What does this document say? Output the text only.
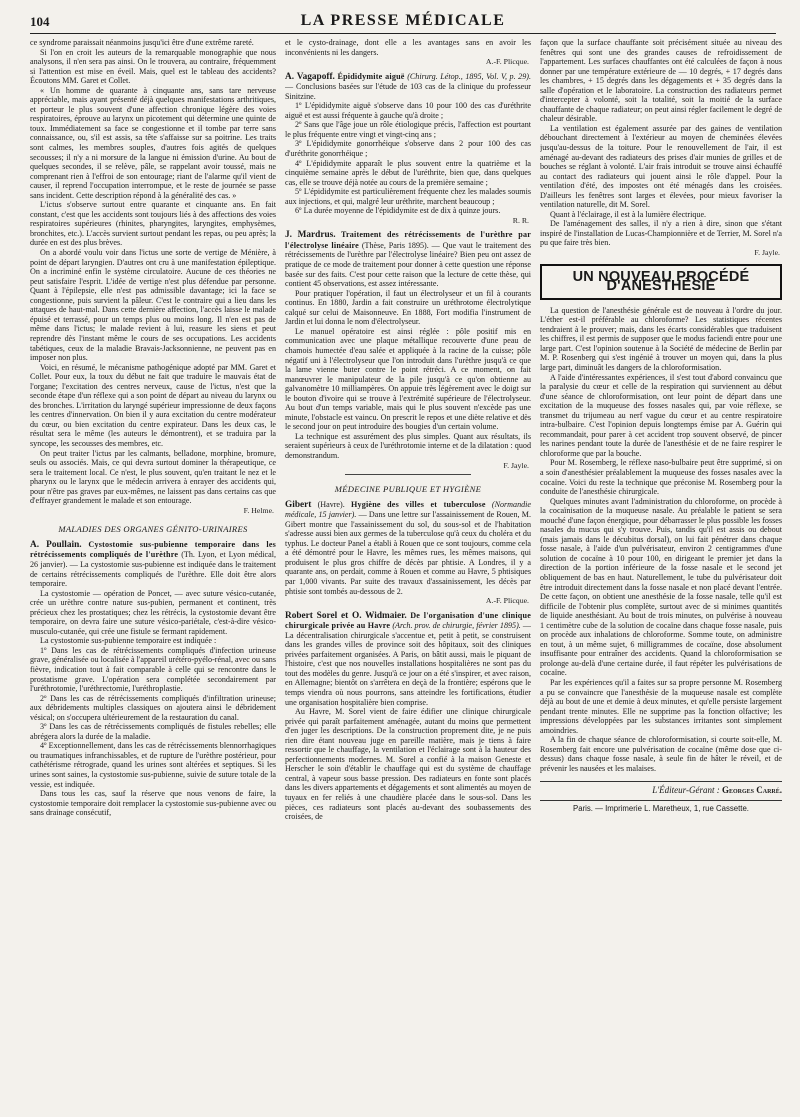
104	LA PRESSE MÉDICALE

ce syndrome paraissait néanmoins jusqu'ici être d'une extrême rareté.

Si l'on en croit les auteurs de la remarquable monographie que nous analysons, il n'en sera pas ainsi. On le trouvera, au contraire, fréquemment si l'attention est mise en éveil. Mais, quel est le tableau des accidents? Écoutons MM. Garet et Collet.

« Un homme de quarante à cinquante ans, sans tare nerveuse appréciable, mais ayant présenté déjà quelques manifestations arthritiques, et porteur le plus souvent d'une affection chronique légère des voies respiratoires, éprouve au larynx un picotement qui détermine une quinte de toux. Immédiatement sa face se congestionne et il tombe par terre sans connaissance, ou, s'il est assis, sa tête s'affaisse sur sa poitrine. Les traits sont calmes, les membres souples, d'autres fois agités de quelques secousses; il n'y a ni morsure de la langue ni émission d'urine. Au bout de quelques secondes, il se relève, pâle, se rappelant avoir toussé, mais ne comprenant rien à l'effroi de son entourage; riant de l'alarme qu'il vient de causer, il reprend l'occupation interrompue, et le reste de journée se passe sans incident. Cette description répond à la généralité des cas. »

L'ictus s'observe surtout entre quarante et cinquante ans. En fait constant, c'est que les accidents sont toujours liés à des affections des voies respiratoires supérieures (rhinites, pharyngites, laryngites, emphysèmes, bronchites, etc.). L'accès survient surtout pendant les repas, ou peu après; la durée en est des plus brèves.

On a abordé voulu voir dans l'ictus une sorte de vertige de Ménière, à point de départ laryngien. D'autres ont cru à une manifestation épileptique. On a incriminé enfin le système circulatoire. Aucune de ces théories ne peut satisfaire l'esprit. L'idée de vertige n'est plus défendue par personne. Quant à l'épilepsie, elle n'est pas admissible davantage; ici la face se congestionne, puis survient la pâleur. C'est le contraire qui a lieu dans les attaques de haut-mal. Dans cette dernière affection, l'accès laisse le malade épuisé et terrassé, pour un temps plus ou moins long. Il n'en est pas de même dans l'ictus; le malade revient à lui, reasure les siens et peut reprendre dès l'instant même le cours de ses occupations. Les accidents tabétiques, ceux de la maladie Bravais-Jacksonnienne, ne peuvent pas en imposer non plus.

Voici, en résumé, le mécanisme pathogénique adopté par MM. Garet et Collet. Pour eux, la toux du début ne fait que traduire le mauvais état de l'organe; l'excitation des centres nerveux, cause de l'ictus, n'est que la seconde étape d'un réflexe qui a son point de départ au niveau du larynx ou des bronches. L'irritation du laryngé supérieur impressionne de deux façons les centres d'innervation. On bien il y aura excitation du centre modérateur du cœur, ou bien excitation du centre expirateur. Dans les deux cas, le résultat sera le même (les auteurs le démontrent), et se traduira par la syncope, les secousses des membres, etc.

On peut traiter l'ictus par les calmants, belladone, morphine, bromure, seuls ou associés. Mais, ce qui devra surtout dominer la thérapeutique, ce sera le traitement local. Ce n'est, le plus souvent, qu'en traitant le nez et le pharynx ou le larynx que le médecin arrivera à enrayer des accidents qui, pour n'être pas graves par eux-mêmes, ne laissent pas dans certains cas que d'effrayer grandement le malade et son entourage.

F. Helme.
MALADIES DES ORGANES GÉNITO-URINAIRES

A. Poullain. Cystostomie sus-pubienne temporaire dans les rétrécissements compliqués de l'urèthre (Th. Lyon, et Lyon médical, 26 janvier). — La cystostomie sus-pubienne est indiquée dans le traitement de certains rétrécissements compliqués de l'urèthre. Elle doit être alors temporaire.

La cystostomie — opération de Poncet, — avec suture vésico-cutanée, crée un urèthre contre nature sus-pubien, permanent et continent, très précieux chez les prostatiques; chez les rétrécis, la cystostomie devant être temporaire, on devra faire une suture vésico-pariétale, c'est-à-dire vésico-musculo-cutanée, qui crée une fistule se fermant rapidement.

La cystostomie sus-pubienne temporaire est indiquée :

1º Dans les cas de rétrécissements compliqués d'infection urineuse grave, généralisée ou localisée à l'appareil urétéro-pyélo-rénal, avec ou sans fièvre, indication tout à fait comparable à celle qui se rencontre dans le prostatisme grave. L'opération sera complétée secondairement par l'uréthrotomie, l'uréthrectomie, l'uréthroplastie.

2º Dans les cas de rétrécissements compliqués d'infiltration urineuse; aux débridements multiples classiques on ajoutera ainsi le débridement vésical; on s'occupera ultérieurement de la restauration du canal.

3º Dans les cas de rétrécissements compliqués de fistules rebelles; elle abrégera alors la durée de la maladie.

4º Exceptionnellement, dans les cas de rétrécissements blennorrhagiques ou traumatiques infranchissables, et de rupture de l'urèthre postérieur, pour cathétérisme rétrograde, quand les urines sont altérées et septiques. Si les urines sont saines, la cystostomie sus-pubienne, suivie de suture totale de la vessie, est indiquée.

Dans tous les cas, sauf la réserve que nous venons de faire, la cystostomie temporaire doit remplacer la cystostomie sus-pubienne avec ou sans drainage consécutif,

et le cysto-drainage, dont elle a les avantages sans en avoir les inconvénients ni les dangers.

A.-F. Plicque.

A. Vagapoff. Épididymite aiguë (Chirurg. Létop., 1895, Vol. V, p. 29). — Conclusions basées sur l'étude de 103 cas de la clinique du professeur Sinitzine.

1º L'épididymite aiguë s'observe dans 10 pour 100 des cas d'uréthrite aiguë et est aussi fréquente à gauche qu'à droite ;

2º Sans que l'âge joue un rôle étiologique précis, l'affection est pourtant le plus fréquente entre vingt et vingt-cinq ans ;

3º L'épididymite gonorrhéique s'observe dans 2 pour 100 des cas d'uréthrite gonorrhéique ;

4º L'épididymite apparaît le plus souvent entre la quatrième et la cinquième semaine après le début de l'uréthrite, bien que, dans quelques cas, elle se trouve déjà notée au cours de la première semaine ;

5º L'épididymite est particulièrement fréquente chez les malades soumis aux injections, et qui, malgré leur uréthrite, marchent beaucoup ;

6º La durée moyenne de l'épididymite est de dix à quinze jours.

R. R.

J. Mardrus. Traitement des rétrécissements de l'urèthre par l'électrolyse linéaire (Thèse, Paris 1895). — Que vaut le traitement des rétrécissements de l'urèthre par l'électrolyse linéaire? Bien peu ont assez de pratique de ce mode de traitement pour donner à cette question une réponse basée sur des faits. C'est pour cette raison que la lecture de cette thèse, qui contient 45 observations, est assez intéressante.

Pour pratiquer l'opération, il faut un électrolyseur et un fil à courants continus. En 1880, Jardin a fait construire un uréthrotome électrolytique calqué sur celui de Maisonneuve. En 1888, Fort modifia l'instrument de Jardin et lui donna le nom d'électrolyseur.

Le manuel opératoire est ainsi réglée : pôle positif mis en communication avec une plaque métallique recouverte d'une peau de chamois humectée d'eau salée et appliquée à la racine de la cuisse; pôle négatif uni à l'électrolyseur que l'on introduit dans l'urèthre jusqu'à ce que la lame vienne buter contre le point rétréci. A ce moment, on fait manœuvrer le manipulateur de la pile jusqu'à ce qu'on obtienne au galvanomètre 10 milliampères. On appuie très légèrement avec le doigt sur le bouton d'ivoire qui se trouve à l'extrémité supérieure de l'électrolyseur. Au bout d'un temps variable, mais qui le plus souvent n'excède pas une minute, l'obstacle est vaincu. On prescrit le repos et une diète relative et dès le second jour on peut introduire des bougies d'un certain volume.

La technique est assurément des plus simples. Quant aux résultats, ils seraient supérieurs à ceux de l'uréthrotomie interne et de la dilatation : quod demonstrandum.

F. Jayle.
MÉDECINE PUBLIQUE ET HYGIÈNE

Gibert (Havre). Hygiène des villes et tuberculose (Normandie médicale, 15 janvier). — Dans une lettre sur l'assainissement de Rouen, M. Gibert montre que l'assainissement du sol, du sous-sol et de l'habitation s'adresse aussi bien aux germes de la tuberculose qu'à ceux du choléra et du typhus. Le docteur Panel a établi à Rouen que ce sont toujours, comme cela a été démontré pour le Havre, les mêmes rues, les mêmes maisons, qui produisent le plus gros chiffre de décès par phtisie. A Londres, il y a quarante ans, on perdait, comme à Rouen et comme au Havre, 5 phtisiques par 1,000 vivants. Par suite des travaux d'assainissement, les décès par phtisie sont tombés au-dessous de 2.

A.-F. Plicque.

Robert Sorel et O. Widmaier. De l'organisation d'une clinique chirurgicale privée au Havre (Arch. prov. de chirurgie, février 1895). — La décentralisation chirurgicale s'accentue et, petit à petit, se construisent dans les grandes villes de province soit des hôpitaux, soit des cliniques privées parfaitement organisées. A Paris, on bâtit aussi, mais le piquant de l'histoire, c'est que nos nouvelles installations hospitalières ne sont pas du tout des modèles du genre. Jusqu'à ce jour on a été s'inspirer, et avec raison, en Allemagne; bientôt on s'arrêtera en deçà de la frontière; espérons que le temps viendra où nous pourrons, sans atteindre les fortifications, étudier une organisation hospitalière bien comprise.

Au Havre, M. Sorel vient de faire édifier une clinique chirurgicale privée qui paraît parfaitement aménagée, autant du moins que permettent d'en juger les descriptions. De la construction proprement dite, je ne puis rien dire étant nouveau juge en pareille matière, mais je tiens à faire ressortir que le chauffage, la ventilation et l'éclairage sont à la hauteur des perfectionnements modernes. M. Sorel a confié à la maison Geneste et Herscher le soin d'établir le chauffage qui est du système de chauffage central, à vapeur sous basse pression. Des radiateurs en fonte sont placés dans les divers appartements et dégagements et sont alimentés au moyen de tuyaux en fer reliés à une chaudière placée dans le sous-sol. Dans les pièces, ces radiateurs sont placés au-devant des soubassements des croisées, de

façon que la surface chauffante soit précisément située au niveau des fenêtres qui sont une des grandes causes de refroidissement de l'appartement. Les surfaces chauffantes ont été calculées de façon à nous donner par une température extérieure de — 10 degrés, + 17 degrés dans les chambres, + 15 degrés dans les dégagements et + 35 degrés dans la salle d'opération et le laboratoire. La construction des radiateurs permet d'intercepter à volonté, soit la totalité, soit la moitié de la surface chauffante de chaque radiateur; on peut ainsi régler facilement le degré de chaleur désirable.

La ventilation est également assurée par des gaines de ventilation débouchant directement à l'extérieur au moyen de cheminées élevées jusqu'au-dessus de la toiture. Pour le renouvellement de l'air, il est aménagé au-devant des radiateurs des prises d'air munies de grilles et de bouches se réglant à volonté. L'air frais introduit se trouve ainsi échauffé au contact des radiateurs qui jouent ainsi le rôle d'appel. Pour la ventilation d'été, des impostes ont été ménagés dans les croisées. D'ailleurs les fenêtres sont larges et élevées, pour mieux favoriser la ventilation naturelle, dit M. Sorel.

Quant à l'éclairage, il est à la lumière électrique.

De l'aménagement des salles, il n'y a rien à dire, sinon que s'étant inspiré de l'installation de Lucas-Championnière et de Terrier, M. Sorel n'a pu que faire très bien.

F. Jayle.
UN NOUVEAU PROCÉDÉ D'ANESTHÉSIE

La question de l'anesthésie générale est de nouveau à l'ordre du jour. L'éther est-il préférable au chloroforme? Les statistiques récentes tendraient à le prouver; mais, dans les écarts considérables que traduisent les chiffres, il est permis de supposer que le modus faciendi entre pour une large part. C'est l'opinion soutenue à la Société de médecine de Berlin par M. P. Rosenberg qui s'est ingénié à trouver un moyen qui, dans la plus large part, diminuât les dangers de la chloroformisation.

A l'aide d'intéressantes expériences, il s'est tout d'abord convaincu que la paralysie du cœur et celle de la respiration qui surviennent au début d'une séance de chloroformisation, ont leur point de départ dans une excitation de la muqueuse des fosses nasales qui, par voie réflexe, se transmet du trijumeau au nerf vague du cœur et au centre respiratoire intra-bulbaire. C'est l'opinion depuis longtemps émise par A. Guérin qui recommandait, pour parer à cet accident trop souvent observé, de pincer les narines pendant toute la durée de l'anesthésie et de ne faire respirer le chloroforme que par la bouche.

Pour M. Rosemberg, le réflexe naso-bulbaire peut être supprimé, si on a soin d'anesthésier préalablement la muqueuse des fosses nasales avec la cocaïne. Voici du reste la technique que préconise M. Rosemberg pour la conduite de l'anesthésie chirurgicale.

Quelques minutes avant l'administration du chloroforme, on procède à la cocaïnisation de la muqueuse nasale. Au préalable le patient se sera mouché d'une façon énergique, pour débarrasser le plus possible les fosses nasales du mucus qui s'y trouve. Puis, tandis qu'il est assis ou debout (mais jamais dans le décubitus dorsal), on lui fait pénétrer dans chaque fosse nasale, à l'aide d'un pulvérisateur, environ 2 centigrammes d'une solution de cocaïne à 10 pour 100, en dirigeant le premier jet dans la direction de la portion inférieure de la fosse nasale et le second jet obliquement de bas en haut. Naturellement, le tube du pulvérisateur doit être introduit directement dans la fosse nasale et non placé devant l'entrée. De cette façon, on obtient une anesthésie de la fosse nasale, telle qu'il est difficile de l'obtenir plus complète, surtout avec de si minimes quantités de liquide anesthésiant. Au bout de trois minutes, on pulvérise à nouveau 1 centimètre cube de la solution de cocaïne dans chaque fosse nasale, puis on procède aux inhalations de chloroforme. Somme toute, on administre en tout, à un même sujet, 6 milligrammes de cocaïne, dose absolument insuffisante pour entraîner des accidents. Quand la chloroformisation se prolonge au-delà d'une certaine durée, il faut répéter les pulvérisations de cocaïne.

Par les expériences qu'il a faites sur sa propre personne M. Rosemberg a pu se convaincre que l'anesthésie de la muqueuse nasale est complète déjà au bout de une et demie à deux minutes, et qu'elle persiste largement pendant trente minutes. Elle ne supprime pas la fonction olfactive; les impressions développées par les substances irritantes sont simplement amoindries.

A la fin de chaque séance de chloroformisation, si courte soit-elle, M. Rosemberg fait encore une pulvérisation de cocaïne (même dose que ci-dessus) dans chaque fosse nasale, à seule fin de hâter le réveil, et de prévenir les nausées et les malaises.

L'Éditeur-Gérant : Georges Carré.
Paris. — Imprimerie L. Maretheux, 1, rue Cassette.
